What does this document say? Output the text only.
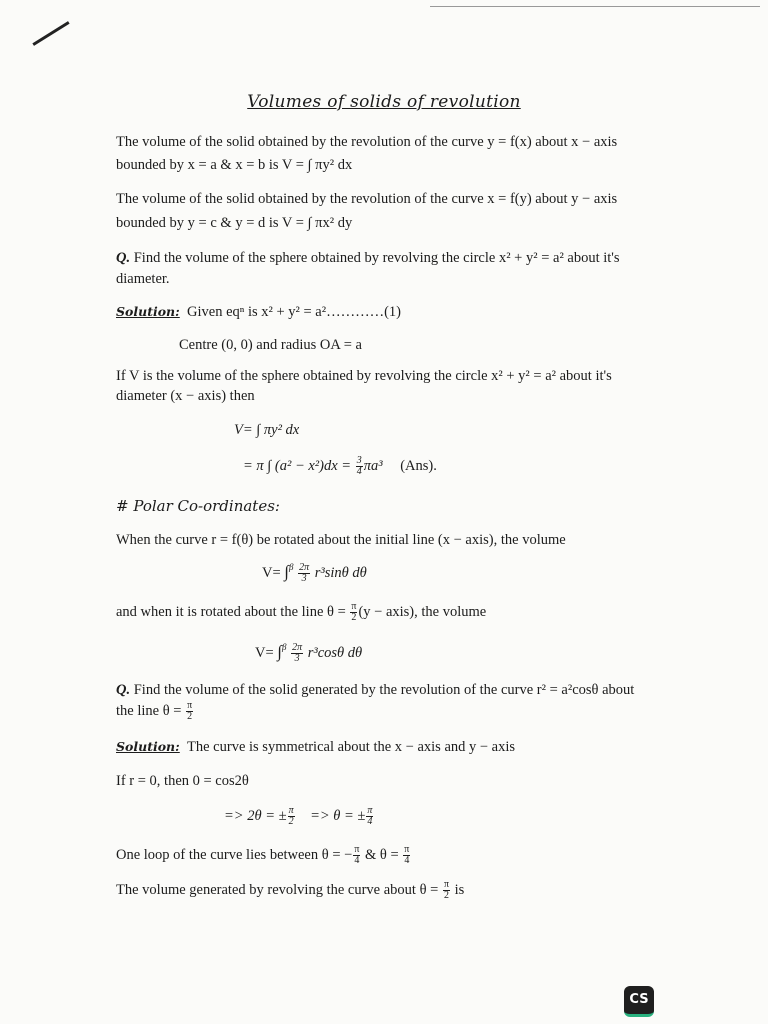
Volumes of solids of revolution
The volume of the solid obtained by the revolution of the curve y = f(x) about x − axis
bounded by x = a & x = b is V = ∫ πy² dx
The volume of the solid obtained by the revolution of the curve x = f(y) about y − axis
bounded by y = c & y = d is V = ∫ πx² dy
Q. Find the volume of the sphere obtained by revolving the circle x² + y² = a² about it's
diameter.
Solution: Given eqⁿ is x² + y² = a²…………(1)
Centre (0, 0) and radius OA = a
If V is the volume of the sphere obtained by revolving the circle x² + y² = a² about it's
diameter (x − axis) then
V= ∫ πy² dx
= π ∫ $(a^2 - x^2)dx = \frac{3}{4} \pi a^3$ (Ans).
# Polar Co-ordinates:
When the curve r = f(θ) be rotated about the initial line (x − axis), the volume
$V= \int^\beta \frac{2\pi}{3} r^3\sin\theta$ dθ
and when it is rotated about the line $\theta = \frac{\pi}{2} (y$ − axis), the volume
$V= \int^\beta \frac{2\pi}{3} r^3\cos\theta$ dθ
Q. Find the volume of the solid generated by the revolution of the curve r² = a²cosθ about
the line $\theta = \frac{\pi}{2}$
Solution: The curve is symmetrical about the x − axis and y − axis
If r = 0, then 0 = cos2θ
=> 2θ = ± $\frac{\pi}{2} => \theta$ = ± $\frac{\pi}{4}$
One loop of the curve lies between θ = − $\frac{\pi}{4}$ & $\theta = \frac{\pi}{4}$
The volume generated by revolving the curve about $\theta = \frac{\pi}{2}$ is
CS
